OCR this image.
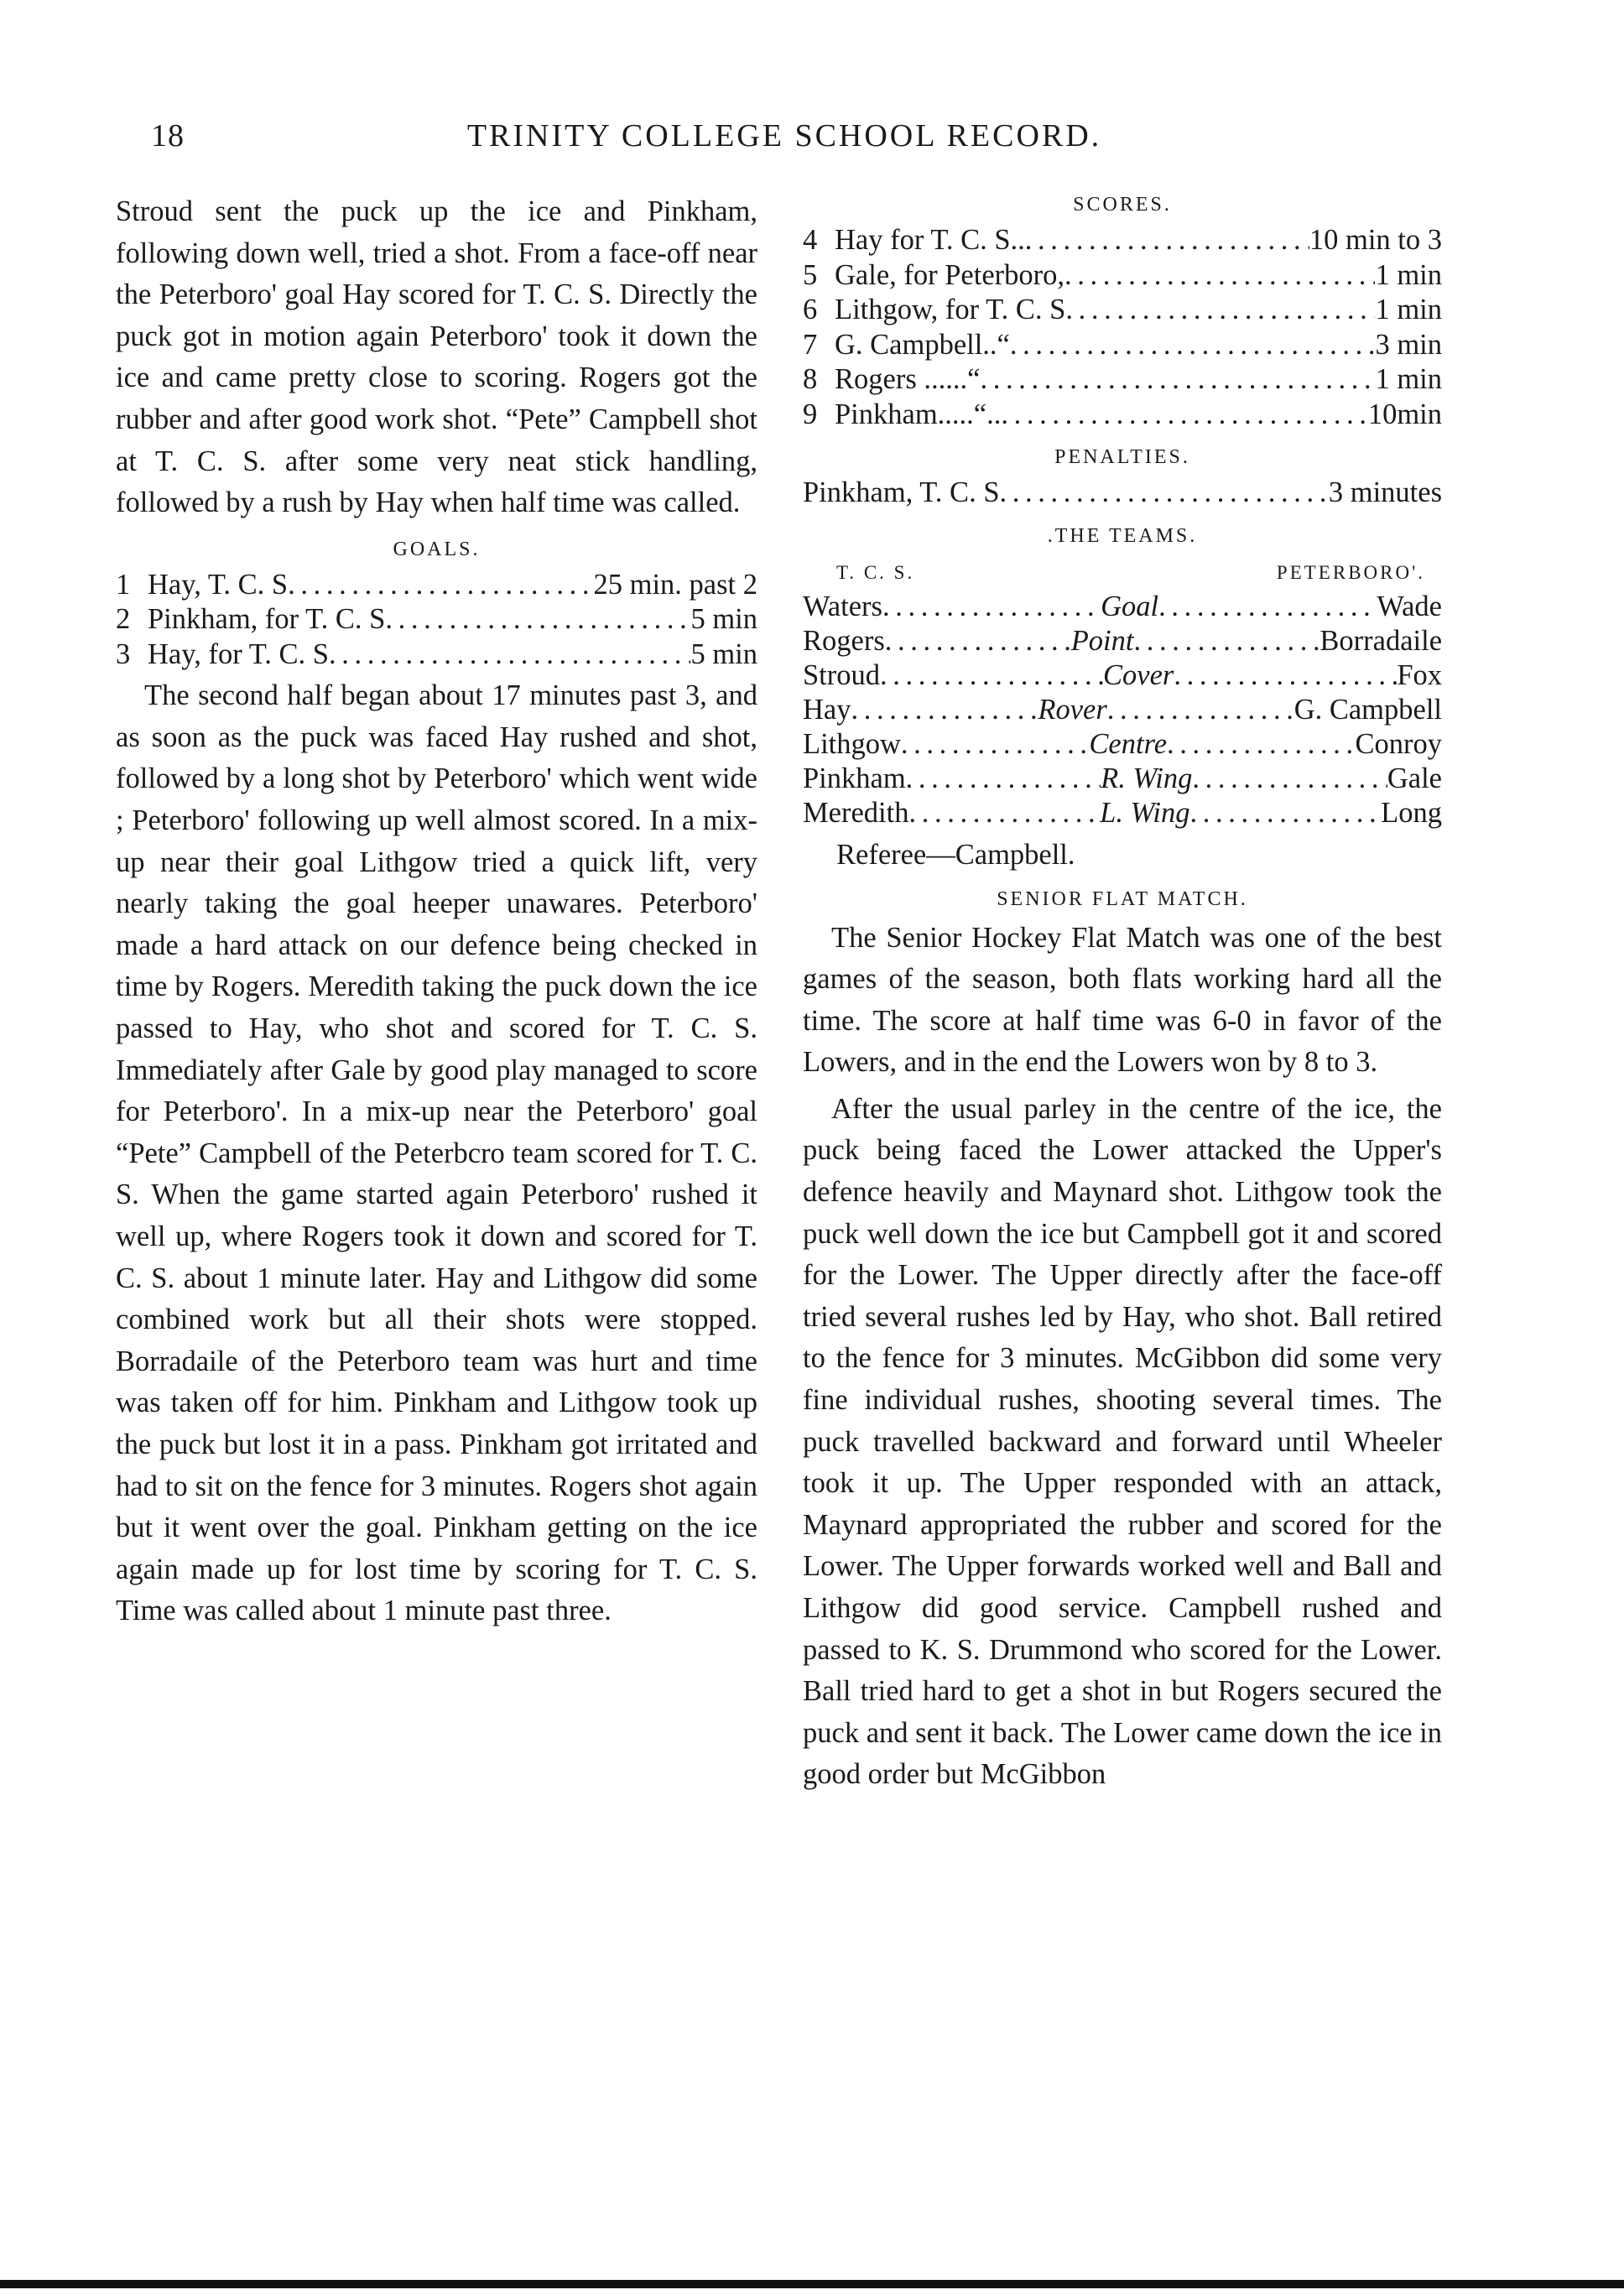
18	TRINITY COLLEGE SCHOOL RECORD.

Stroud sent the puck up the ice and Pinkham, following down well, tried a shot. From a face-off near the Peterboro' goal Hay scored for T. C. S. Directly the puck got in motion again Peterboro' took it down the ice and came pretty close to scoring. Rogers got the rubber and after good work shot. “Pete” Campbell shot at T. C. S. after some very neat stick handling, followed by a rush by Hay when half time was called.

GOALS.
1 Hay, T. C. S . . .	25 min. past 2
2 Pinkham, for T. C. S . . .	5 min
3 Hay, for T. C. S . . .	5 min

The second half began about 17 minutes past 3, and as soon as the puck was faced Hay rushed and shot, followed by a long shot by Peterboro' which went wide ; Peterboro' following up well almost scored. In a mix-up near their goal Lithgow tried a quick lift, very nearly taking the goal heeper unawares. Peterboro' made a hard attack on our defence being checked in time by Rogers. Meredith taking the puck down the ice passed to Hay, who shot and scored for T. C. S. Immediately after Gale by good play managed to score for Peterboro'. In a mix-up near the Peterboro' goal “Pete” Campbell of the Peterbcro team scored for T. C. S. When the game started again Peterboro' rushed it well up, where Rogers took it down and scored for T. C. S. about 1 minute later. Hay and Lithgow did some combined work but all their shots were stopped. Borradaile of the Peterboro team was hurt and time was taken off for him. Pinkham and Lithgow took up the puck but lost it in a pass. Pinkham got irritated and had to sit on the fence for 3 minutes. Rogers shot again but it went over the goal. Pinkham getting on the ice again made up for lost time by scoring for T. C. S. Time was called about 1 minute past three.

SCORES.
4 Hay for T. C. S.. . . .	10 min to 3
5 Gale, for Peterboro, . . .	1 min
6 Lithgow, for T. C. S . . .	1 min
7 G. Campbell..“ . . .	3 min
8 Rogers ......“ . . .	1 min
9 Pinkham.....“.. . . .	10min
PENALTIES.
Pinkham, T. C. S . . .	3 minutes
.THE TEAMS.
T. C. S.	PETERBORO'.
Waters . . .	Goal . . .	Wade
Rogers . . .	Point . . .	Borradaile
Stroud . . .	Cover . . .	Fox
Hay . . .	Rover . . .	G. Campbell
Lithgow . . .	Centre . . .	Conroy
Pinkham . . .	R. Wing . . .	Gale
Meredith . . .	L. Wing . . .	Long
Referee—Campbell.
SENIOR FLAT MATCH.

The Senior Hockey Flat Match was one of the best games of the season, both flats working hard all the time. The score at half time was 6-0 in favor of the Lowers, and in the end the Lowers won by 8 to 3.

After the usual parley in the centre of the ice, the puck being faced the Lower attacked the Upper's defence heavily and Maynard shot. Lithgow took the puck well down the ice but Campbell got it and scored for the Lower. The Upper directly after the face-off tried several rushes led by Hay, who shot. Ball retired to the fence for 3 minutes. McGibbon did some very fine individual rushes, shooting several times. The puck travelled backward and forward until Wheeler took it up. The Upper responded with an attack, Maynard appropriated the rubber and scored for the Lower. The Upper forwards worked well and Ball and Lithgow did good service. Campbell rushed and passed to K. S. Drummond who scored for the Lower. Ball tried hard to get a shot in but Rogers secured the puck and sent it back. The Lower came down the ice in good order but McGibbon
